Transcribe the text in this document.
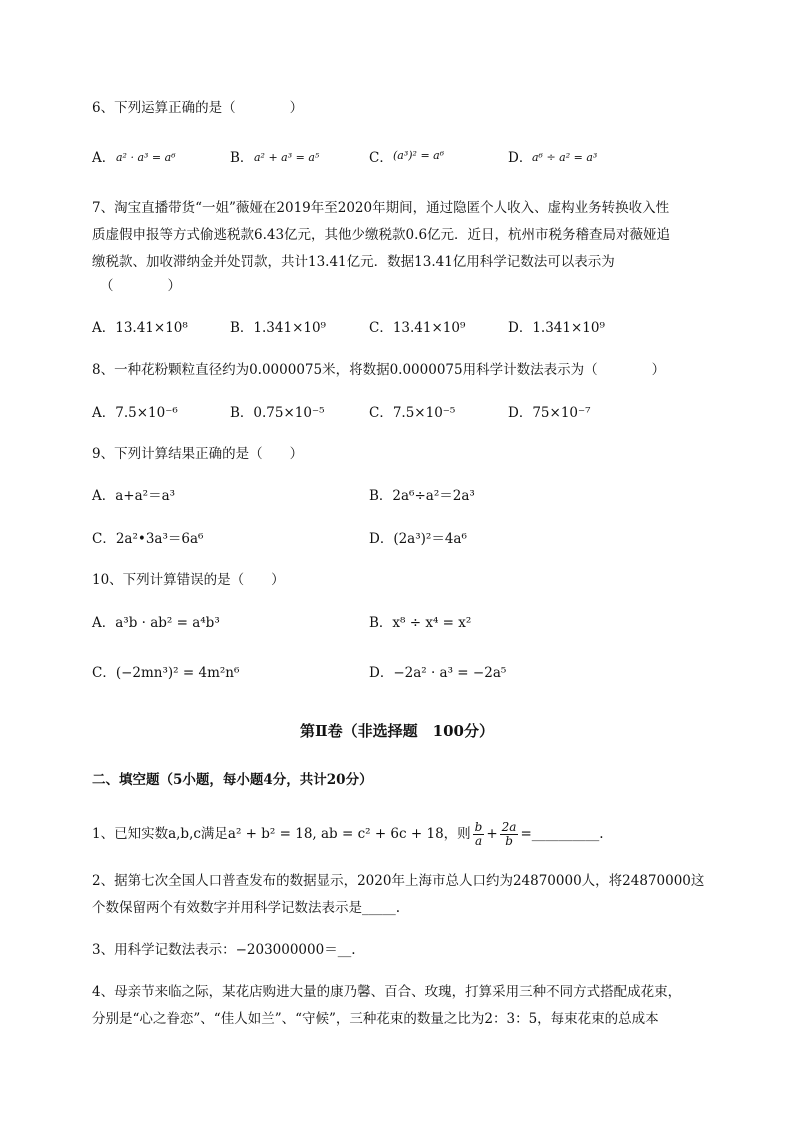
6、下列运算正确的是（　　　　）
A． a² · a³ = a⁶	B． a² + a³ = a⁵	C． (a³)² = a⁶	D． a⁶ ÷ a² = a³
7、淘宝直播带货“一姐”薇娅在2019年至2020年期间，通过隐匿个人收入、虚构业务转换收入性
质虚假申报等方式偷逃税款6.43亿元，其他少缴税款0.6亿元．近日，杭州市税务稽查局对薇娅追
缴税款、加收滞纳金并处罚款，共计13.41亿元．数据13.41亿用科学记数法可以表示为
（　　　　）
A．13.41×10⁸	B．1.341×10⁹	C．13.41×10⁹	D．1.341×10⁹
8、一种花粉颗粒直径约为0.0000075米，将数据0.0000075用科学计数法表示为（　　　　）
A．7.5×10⁻⁶	B．0.75×10⁻⁵	C．7.5×10⁻⁵	D．75×10⁻⁷
9、下列计算结果正确的是（　　）
A．a+a²＝a³	B．2a⁶÷a²＝2a³
C．2a²•3a³＝6a⁶	D．(2a³)²＝4a⁶
10、下列计算错误的是（　　）
A．a³b · ab² = a⁴b³	B．x⁸ ÷ x⁴ = x²
C．(−2mn³)² = 4m²n⁶	D．−2a² · a³ = −2a⁵
第Ⅱ卷（非选择题　100分）
二、填空题（5小题，每小题4分，共计20分）
1、已知实数a,b,c满足a² + b² = 18, ab = c² + 6c + 18，则 $\frac{b}{a} + \frac{2a}{b}$ =__________.
2、据第七次全国人口普查发布的数据显示，2020年上海市总人口约为24870000人，将24870000这
个数保留两个有效数字并用科学记数法表示是_____.
3、用科学记数法表示：−203000000＝__.
4、母亲节来临之际，某花店购进大量的康乃馨、百合、玫瑰，打算采用三种不同方式搭配成花束，
分别是“心之眷恋”、“佳人如兰”、“守候”，三种花束的数量之比为2：3：5，每束花束的总成本
